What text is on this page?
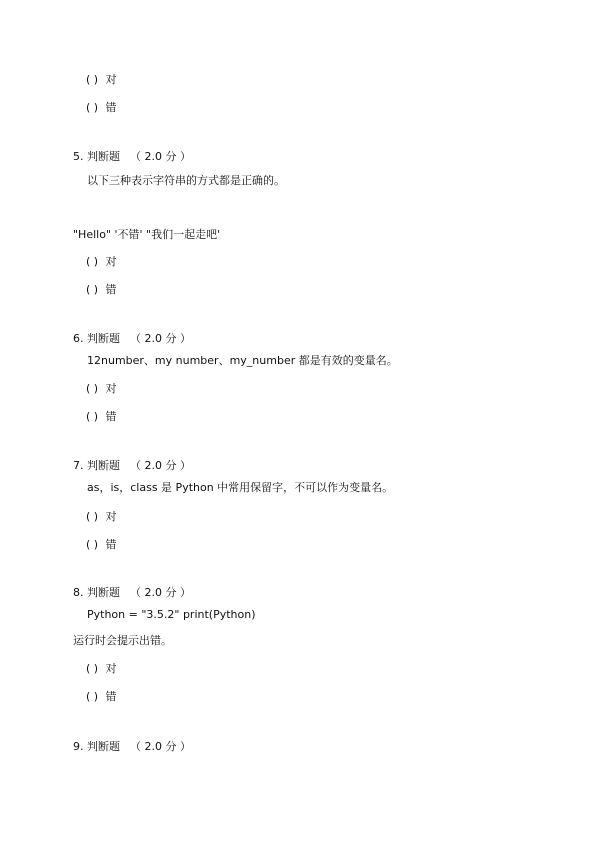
( ) 对
( ) 错
5. 判断题 （ 2.0 分 ）
以下三种表示字符串的方式都是正确的。
"Hello" '不错' "我们一起走吧'
( ) 对
( ) 错
6. 判断题 （ 2.0 分 ）
12number、my number、my_number 都是有效的变量名。
( ) 对
( ) 错
7. 判断题 （ 2.0 分 ）
as，is，class 是 Python 中常用保留字，不可以作为变量名。
( ) 对
( ) 错
8. 判断题 （ 2.0 分 ）
Python = "3.5.2" print(Python)
运行时会提示出错。
( ) 对
( ) 错
9. 判断题 （ 2.0 分 ）
